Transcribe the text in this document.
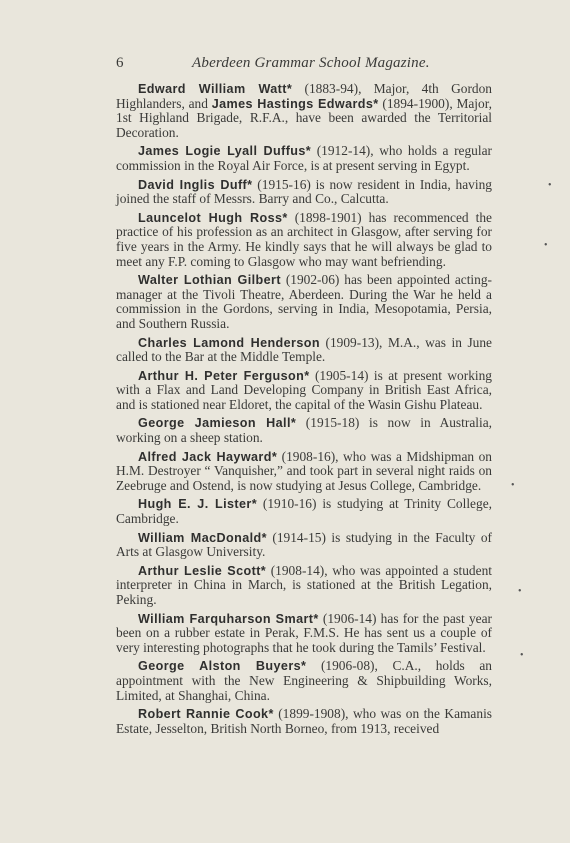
6	Aberdeen Grammar School Magazine.

Edward William Watt* (1883-94), Major, 4th Gordon Highlanders, and James Hastings Edwards* (1894-1900), Major, 1st Highland Brigade, R.F.A., have been awarded the Territorial Decoration.

James Logie Lyall Duffus* (1912-14), who holds a regular commission in the Royal Air Force, is at present serving in Egypt.

David Inglis Duff* (1915-16) is now resident in India, having joined the staff of Messrs. Barry and Co., Calcutta.

Launcelot Hugh Ross* (1898-1901) has recommenced the practice of his profession as an architect in Glasgow, after serving for five years in the Army. He kindly says that he will always be glad to meet any F.P. coming to Glasgow who may want befriending.

Walter Lothian Gilbert (1902-06) has been appointed acting-manager at the Tivoli Theatre, Aberdeen. During the War he held a commission in the Gordons, serving in India, Mesopotamia, Persia, and Southern Russia.

Charles Lamond Henderson (1909-13), M.A., was in June called to the Bar at the Middle Temple.

Arthur H. Peter Ferguson* (1905-14) is at present working with a Flax and Land Developing Company in British East Africa, and is stationed near Eldoret, the capital of the Wasin Gishu Plateau.

George Jamieson Hall* (1915-18) is now in Australia, working on a sheep station.

Alfred Jack Hayward* (1908-16), who was a Midshipman on H.M. Destroyer “ Vanquisher,” and took part in several night raids on Zeebruge and Ostend, is now studying at Jesus College, Cambridge.

Hugh E. J. Lister* (1910-16) is studying at Trinity College, Cambridge.

William MacDonald* (1914-15) is studying in the Faculty of Arts at Glasgow University.

Arthur Leslie Scott* (1908-14), who was appointed a student interpreter in China in March, is stationed at the British Legation, Peking.

William Farquharson Smart* (1906-14) has for the past year been on a rubber estate in Perak, F.M.S. He has sent us a couple of very interesting photographs that he took during the Tamils’ Festival.

George Alston Buyers* (1906-08), C.A., holds an appointment with the New Engineering & Shipbuilding Works, Limited, at Shanghai, China.

Robert Rannie Cook* (1899-1908), who was on the Kamanis Estate, Jesselton, British North Borneo, from 1913, received

•
•
•
•
•
